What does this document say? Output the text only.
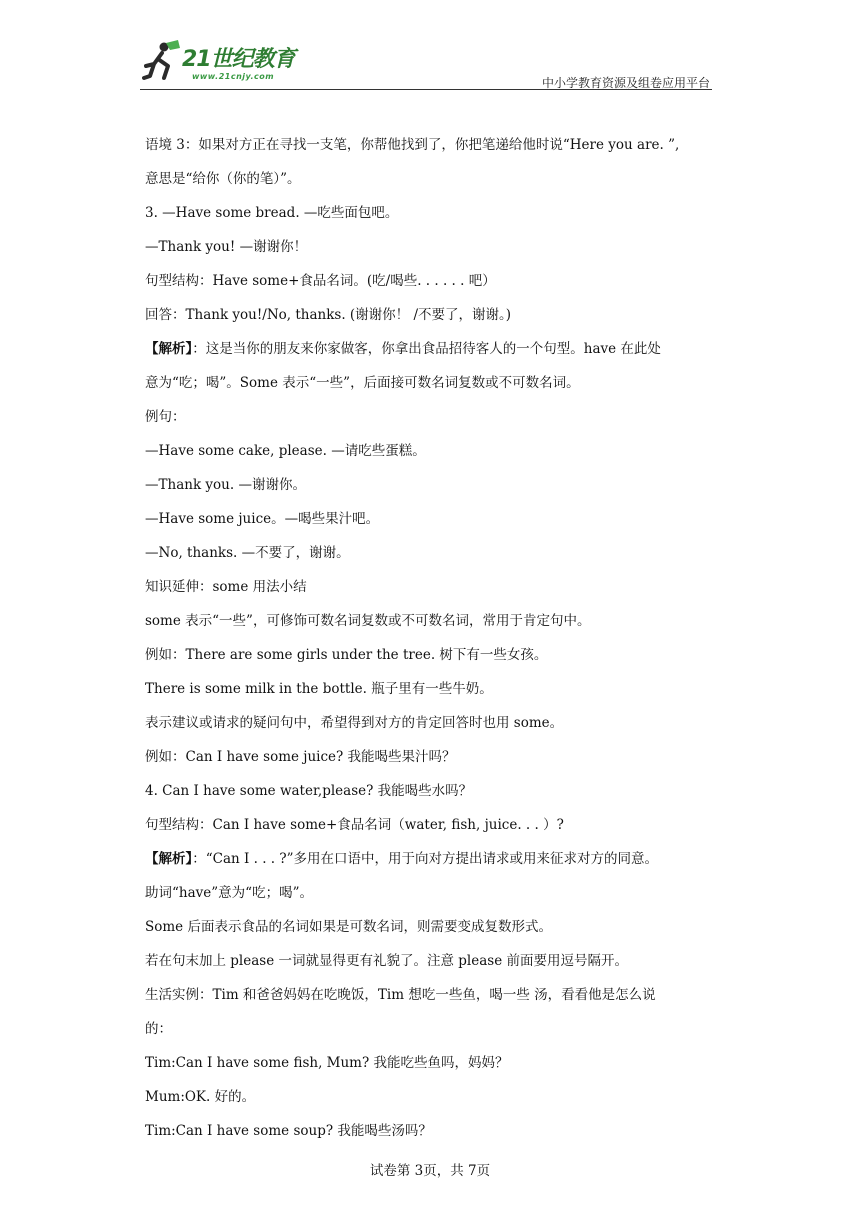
21世纪教育
www.21cnjy.com	中小学教育资源及组卷应用平台
语境 3：如果对方正在寻找一支笔，你帮他找到了，你把笔递给他时说“Here you are. ”,
意思是“给你（你的笔）”。
3. —Have some bread. —吃些面包吧。
—Thank you! —谢谢你！
句型结构：Have some+食品名词。(吃/喝些. . . . . . 吧）
回答：Thank you!/No, thanks. (谢谢你！ /不要了，谢谢。)
【解析】：这是当你的朋友来你家做客，你拿出食品招待客人的一个句型。have 在此处
意为“吃；喝”。Some 表示“一些”，后面接可数名词复数或不可数名词。
例句：
—Have some cake, please. —请吃些蛋糕。
—Thank you. —谢谢你。
—Have some juice。—喝些果汁吧。
—No, thanks. —不要了，谢谢。
知识延伸：some 用法小结
some 表示“一些”，可修饰可数名词复数或不可数名词，常用于肯定句中。
例如：There are some girls under the tree. 树下有一些女孩。
There is some milk in the bottle. 瓶子里有一些牛奶。
表示建议或请求的疑问句中，希望得到对方的肯定回答时也用 some。
例如：Can I have some juice? 我能喝些果汁吗？
4. Can I have some water,please? 我能喝些水吗？
句型结构：Can I have some+食品名词（water, fish, juice. . . ）?
【解析】：“Can I . . . ?”多用在口语中，用于向对方提出请求或用来征求对方的同意。
助词“have”意为“吃；喝”。
Some 后面表示食品的名词如果是可数名词，则需要变成复数形式。
若在句末加上 please 一词就显得更有礼貌了。注意 please 前面要用逗号隔开。
生活实例：Tim 和爸爸妈妈在吃晚饭，Tim 想吃一些鱼，喝一些 汤，看看他是怎么说
的：
Tim:Can I have some fish, Mum? 我能吃些鱼吗，妈妈？
Mum:OK. 好的。
Tim:Can I have some soup? 我能喝些汤吗？
试卷第 3页，共 7页
